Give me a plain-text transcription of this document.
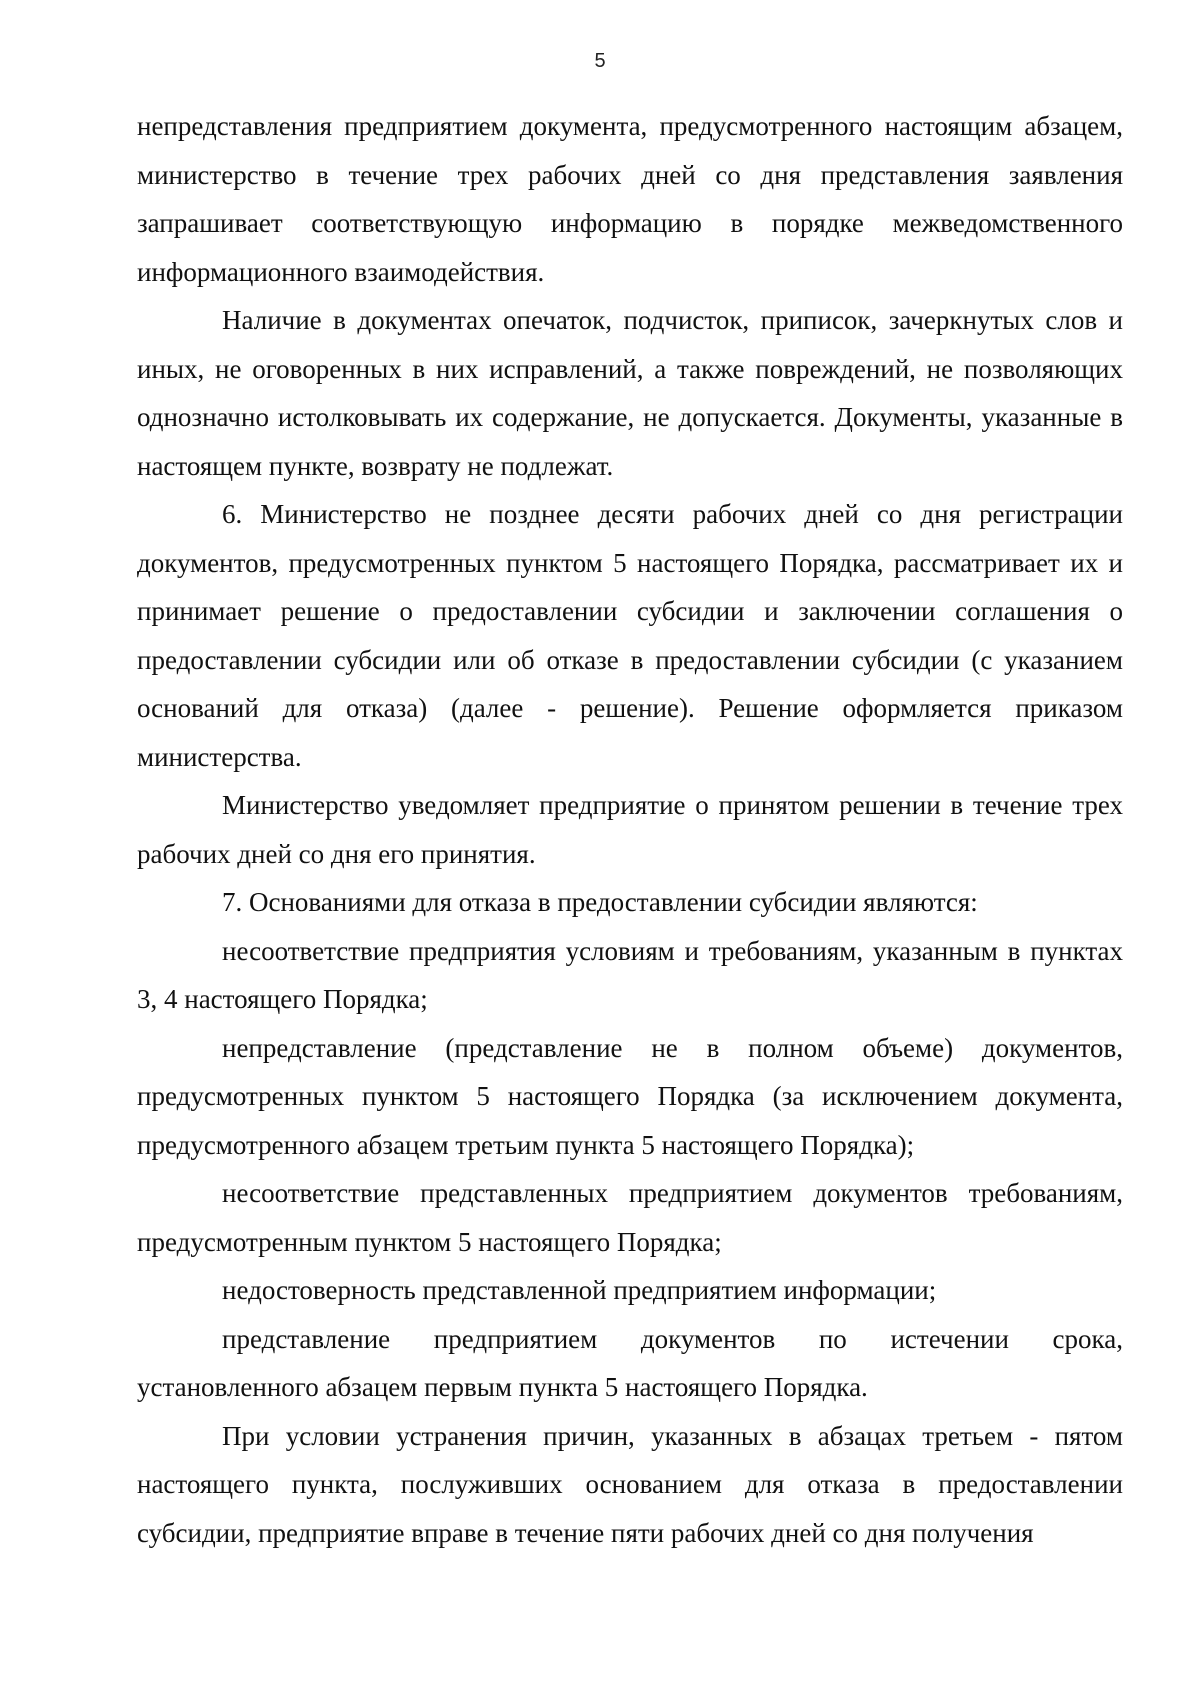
5

непредставления предприятием документа, предусмотренного настоящим абзацем, министерство в течение трех рабочих дней со дня представления заявления запрашивает соответствующую информацию в порядке межведомственного информационного взаимодействия.

Наличие в документах опечаток, подчисток, приписок, зачеркнутых слов и иных, не оговоренных в них исправлений, а также повреждений, не позволяющих однозначно истолковывать их содержание, не допускается. Документы, указанные в настоящем пункте, возврату не подлежат.

6. Министерство не позднее десяти рабочих дней со дня регистрации документов, предусмотренных пунктом 5 настоящего Порядка, рассматривает их и принимает решение о предоставлении субсидии и заключении соглашения о предоставлении субсидии или об отказе в предоставлении субсидии (с указанием оснований для отказа) (далее - решение). Решение оформляется приказом министерства.

Министерство уведомляет предприятие о принятом решении в течение трех рабочих дней со дня его принятия.

7. Основаниями для отказа в предоставлении субсидии являются:

несоответствие предприятия условиям и требованиям, указанным в пунктах 3, 4 настоящего Порядка;

непредставление (представление не в полном объеме) документов, предусмотренных пунктом 5 настоящего Порядка (за исключением документа, предусмотренного абзацем третьим пункта 5 настоящего Порядка);

несоответствие представленных предприятием документов требованиям, предусмотренным пунктом 5 настоящего Порядка;

недостоверность представленной предприятием информации;

представление предприятием документов по истечении срока, установленного абзацем первым пункта 5 настоящего Порядка.

При условии устранения причин, указанных в абзацах третьем - пятом настоящего пункта, послуживших основанием для отказа в предоставлении субсидии, предприятие вправе в течение пяти рабочих дней со дня получения
